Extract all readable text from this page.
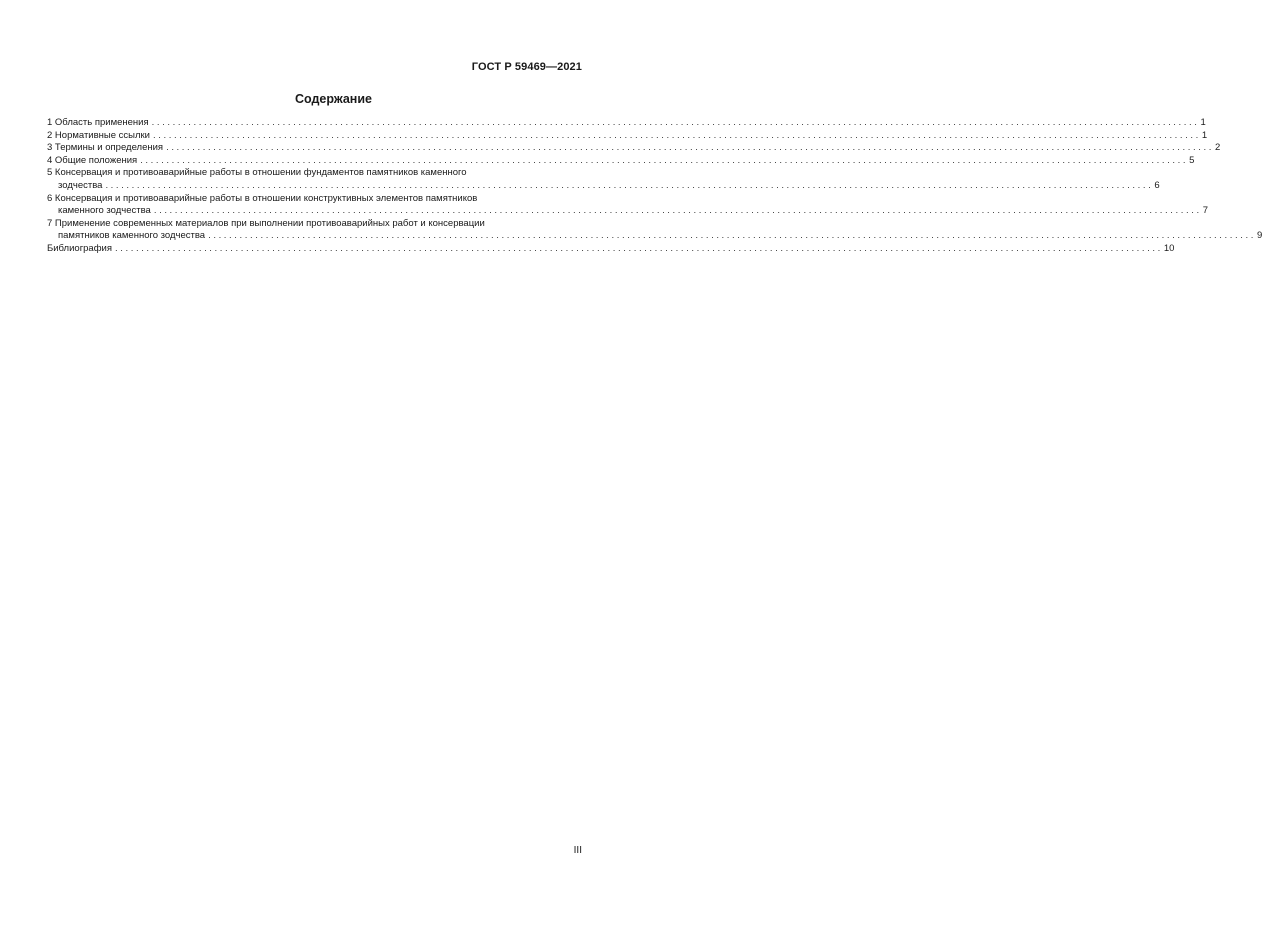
ГОСТ Р 59469—2021
Содержание
1 Область применения ........................................................................................................................................................................................................ 1
2 Нормативные ссылки ........................................................................................................................................................................................................ 1
3 Термины и определения ........................................................................................................................................................................................................ 2
4 Общие положения ........................................................................................................................................................................................................ 5
5 Консервация и противоаварийные работы в отношении фундаментов памятников каменного
зодчества ........................................................................................................................................................................................................ 6
6 Консервация и противоаварийные работы в отношении конструктивных элементов памятников
каменного зодчества ........................................................................................................................................................................................................ 7
7 Применение современных материалов при выполнении противоаварийных работ и консервации
памятников каменного зодчества ........................................................................................................................................................................................................ 9
Библиография ........................................................................................................................................................................................................ 10
III
